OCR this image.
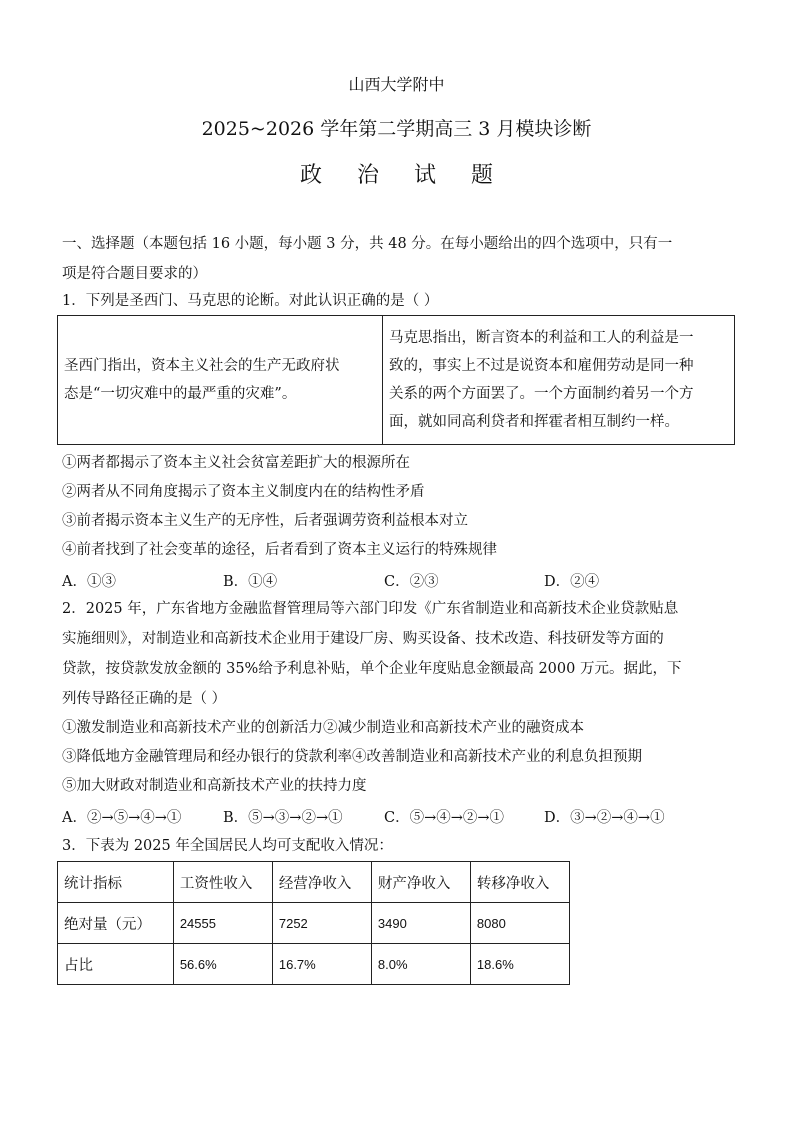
山西大学附中
2025~2026 学年第二学期高三 3 月模块诊断
政 治 试 题
一、选择题（本题包括 16 小题，每小题 3 分，共 48 分。在每小题给出的四个选项中，只有一
项是符合题目要求的）
1．下列是圣西门、马克思的论断。对此认识正确的是（ ）
圣西门指出，资本主义社会的生产无政府状
态是“一切灾难中的最严重的灾难”。

马克思指出，断言资本的利益和工人的利益是一
致的，事实上不过是说资本和雇佣劳动是同一种
关系的两个方面罢了。一个方面制约着另一个方
面，就如同高利贷者和挥霍者相互制约一样。
①两者都揭示了资本主义社会贫富差距扩大的根源所在
②两者从不同角度揭示了资本主义制度内在的结构性矛盾
③前者揭示资本主义生产的无序性，后者强调劳资利益根本对立
④前者找到了社会变革的途径，后者看到了资本主义运行的特殊规律
A．①③	B．①④	C．②③	D．②④
2．2025 年，广东省地方金融监督管理局等六部门印发《广东省制造业和高新技术企业贷款贴息
实施细则》，对制造业和高新技术企业用于建设厂房、购买设备、技术改造、科技研发等方面的
贷款，按贷款发放金额的 35%给予利息补贴，单个企业年度贴息金额最高 2000 万元。据此，下
列传导路径正确的是（ ）
①激发制造业和高新技术产业的创新活力②减少制造业和高新技术产业的融资成本
③降低地方金融管理局和经办银行的贷款利率④改善制造业和高新技术产业的利息负担预期
⑤加大财政对制造业和高新技术产业的扶持力度
A．②→⑤→④→①	B．⑤→③→②→①	C．⑤→④→②→①	D．③→②→④→①
3．下表为 2025 年全国居民人均可支配收入情况：
统计指标	工资性收入	经营净收入	财产净收入	转移净收入
绝对量（元）	24555	7252	3490	8080
占比	56.6%	16.7%	8.0%	18.6%
